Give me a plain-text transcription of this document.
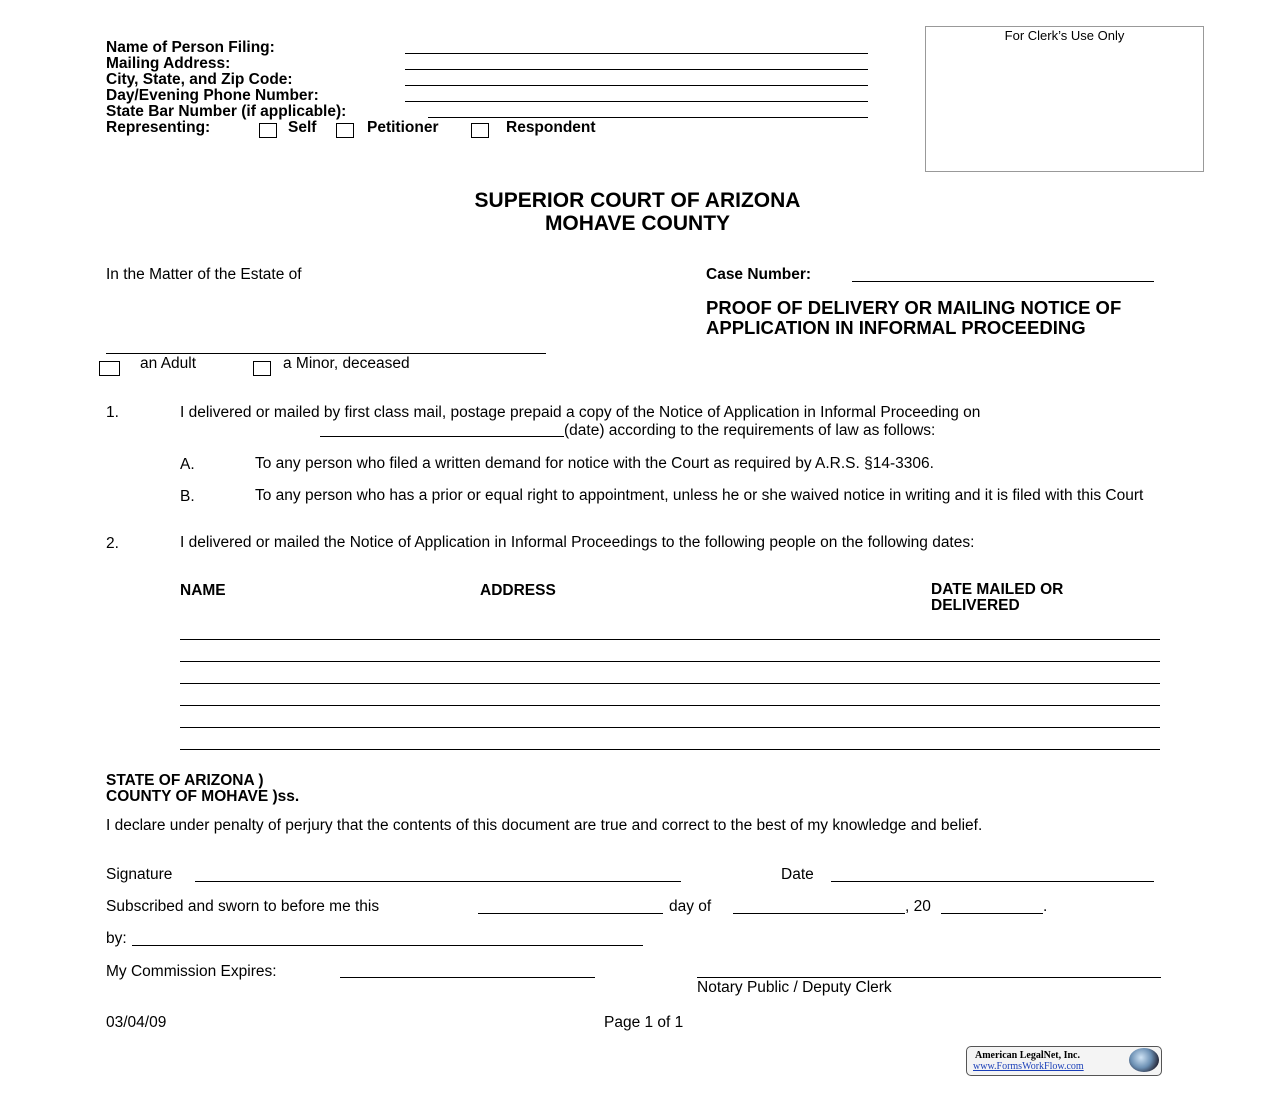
Name of Person Filing:
Mailing Address:
City, State, and Zip Code:
Day/Evening Phone Number:
State Bar Number (if applicable):
Representing:	Self	Petitioner	Respondent
For Clerk’s Use Only
SUPERIOR COURT OF ARIZONA
MOHAVE COUNTY
In the Matter of the Estate of	Case Number:
PROOF OF DELIVERY OR MAILING NOTICE OF APPLICATION IN INFORMAL PROCEEDING
an Adult	a Minor, deceased
1.	I delivered or mailed by first class mail, postage prepaid a copy of the Notice of Application in Informal Proceeding on
(date) according to the requirements of law as follows:
A.	To any person who filed a written demand for notice with the Court as required by A.R.S. §14-3306.
B.	To any person who has a prior or equal right to appointment, unless he or she waived notice in writing and it is filed with this Court
2.	I delivered or mailed the Notice of Application in Informal Proceedings to the following people on the following dates:
NAME	ADDRESS	DATE MAILED OR DELIVERED
STATE OF ARIZONA )
COUNTY OF MOHAVE )ss.
I declare under penalty of perjury that the contents of this document are true and correct to the best of my knowledge and belief.
Signature	Date
Subscribed and sworn to before me this	day of	, 20	.
by:
My Commission Expires:
Notary Public / Deputy Clerk
03/04/09	Page 1 of 1
American LegalNet, Inc.
www.FormsWorkFlow.com
